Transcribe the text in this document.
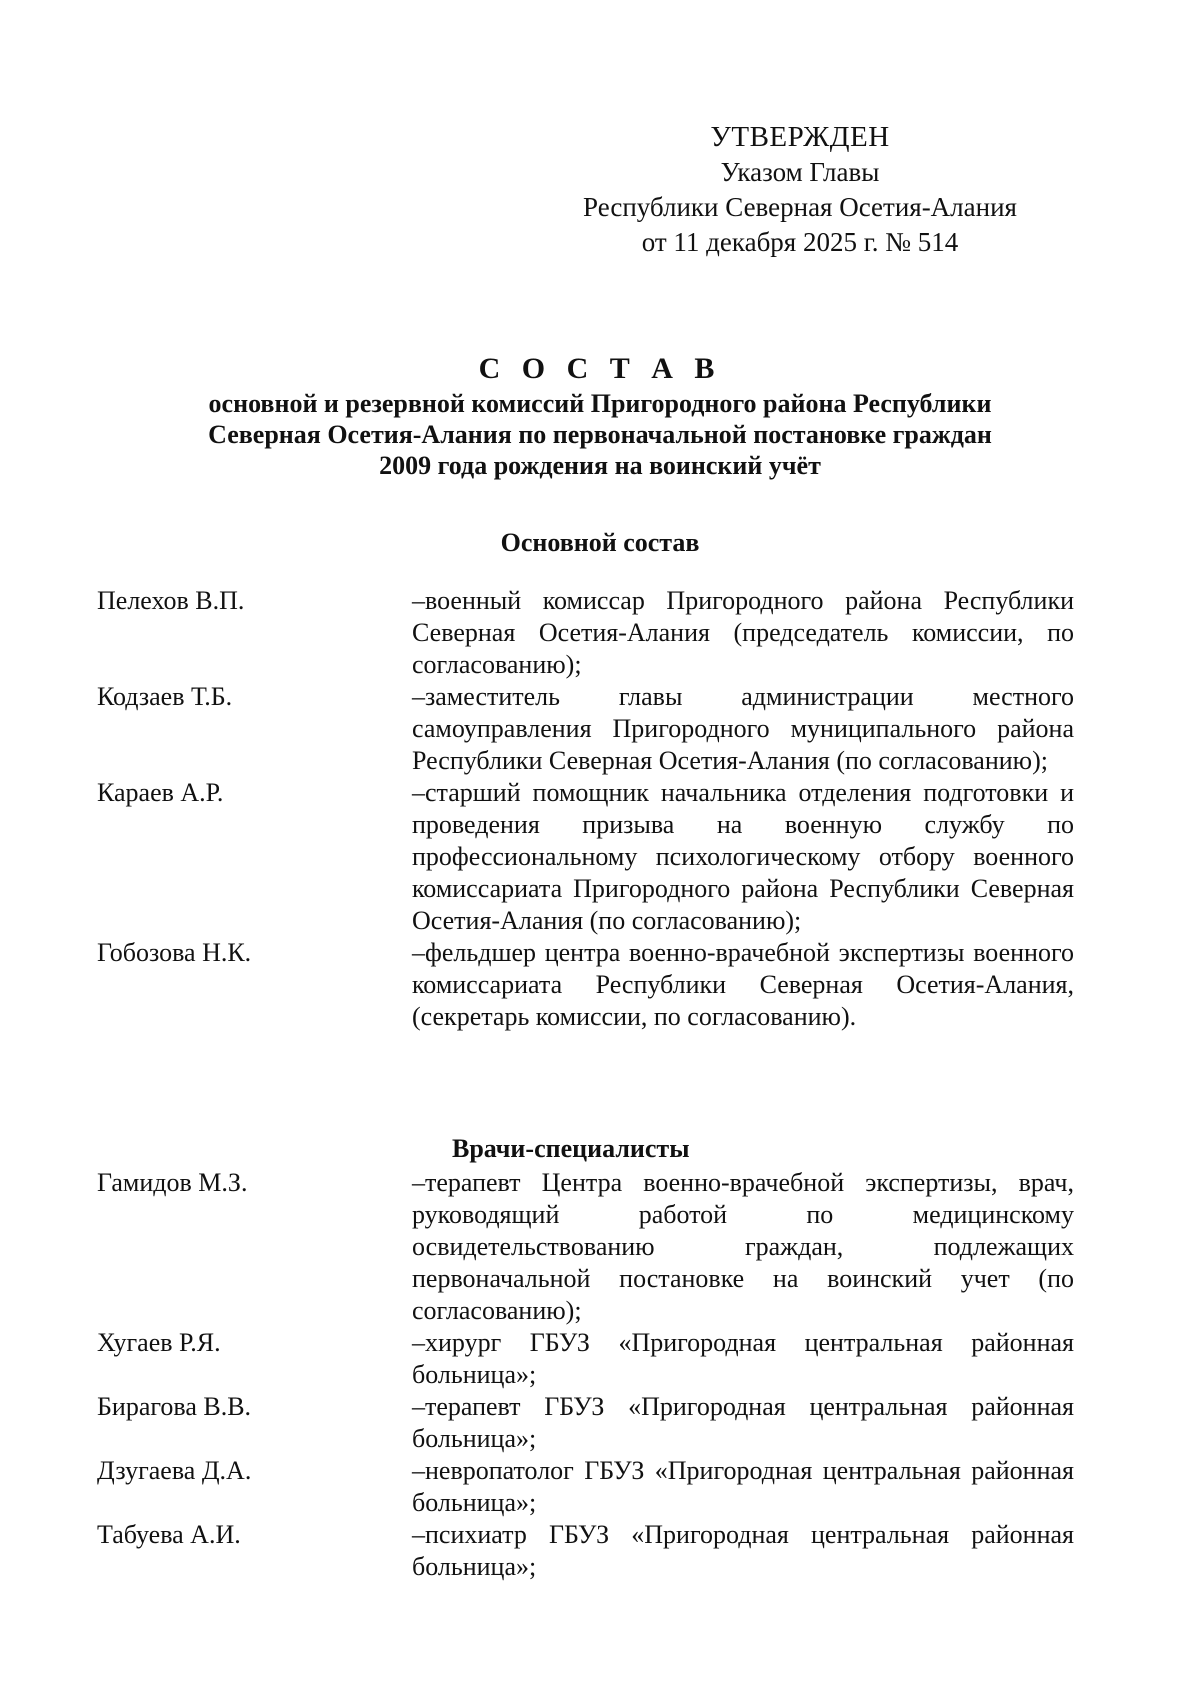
УТВЕРЖДЕН
Указом Главы
Республики Северная Осетия-Алания
от 11 декабря 2025 г. № 514
С О С Т А В
основной и резервной комиссий Пригородного района Республики
Северная Осетия-Алания по первоначальной постановке граждан
2009 года рождения на воинский учёт
Основной состав
Пелехов В.П.	–военный комиссар Пригородного района Республики Северная Осетия-Алания (председатель комиссии, по согласованию);
Кодзаев Т.Б.	–заместитель главы администрации местного самоуправления Пригородного муниципального района Республики Северная Осетия-Алания (по согласованию);
Караев А.Р.	–старший помощник начальника отделения подготовки и проведения призыва на военную службу по профессиональному психологическому отбору военного комиссариата Пригородного района Республики Северная Осетия-Алания (по согласованию);
Гобозова Н.К.	–фельдшер центра военно-врачебной экспертизы военного комиссариата Республики Северная Осетия-Алания, (секретарь комиссии, по согласованию).
Врачи-специалисты
Гамидов М.З.	–терапевт Центра военно-врачебной экспертизы, врач, руководящий работой по медицинскому освидетельствованию граждан, подлежащих первоначальной постановке на воинский учет (по согласованию);
Хугаев Р.Я.	–хирург ГБУЗ «Пригородная центральная районная больница»;
Бирагова В.В.	–терапевт ГБУЗ «Пригородная центральная районная больница»;
Дзугаева Д.А.	–невропатолог ГБУЗ «Пригородная центральная районная больница»;
Табуева А.И.	–психиатр ГБУЗ «Пригородная центральная районная больница»;
